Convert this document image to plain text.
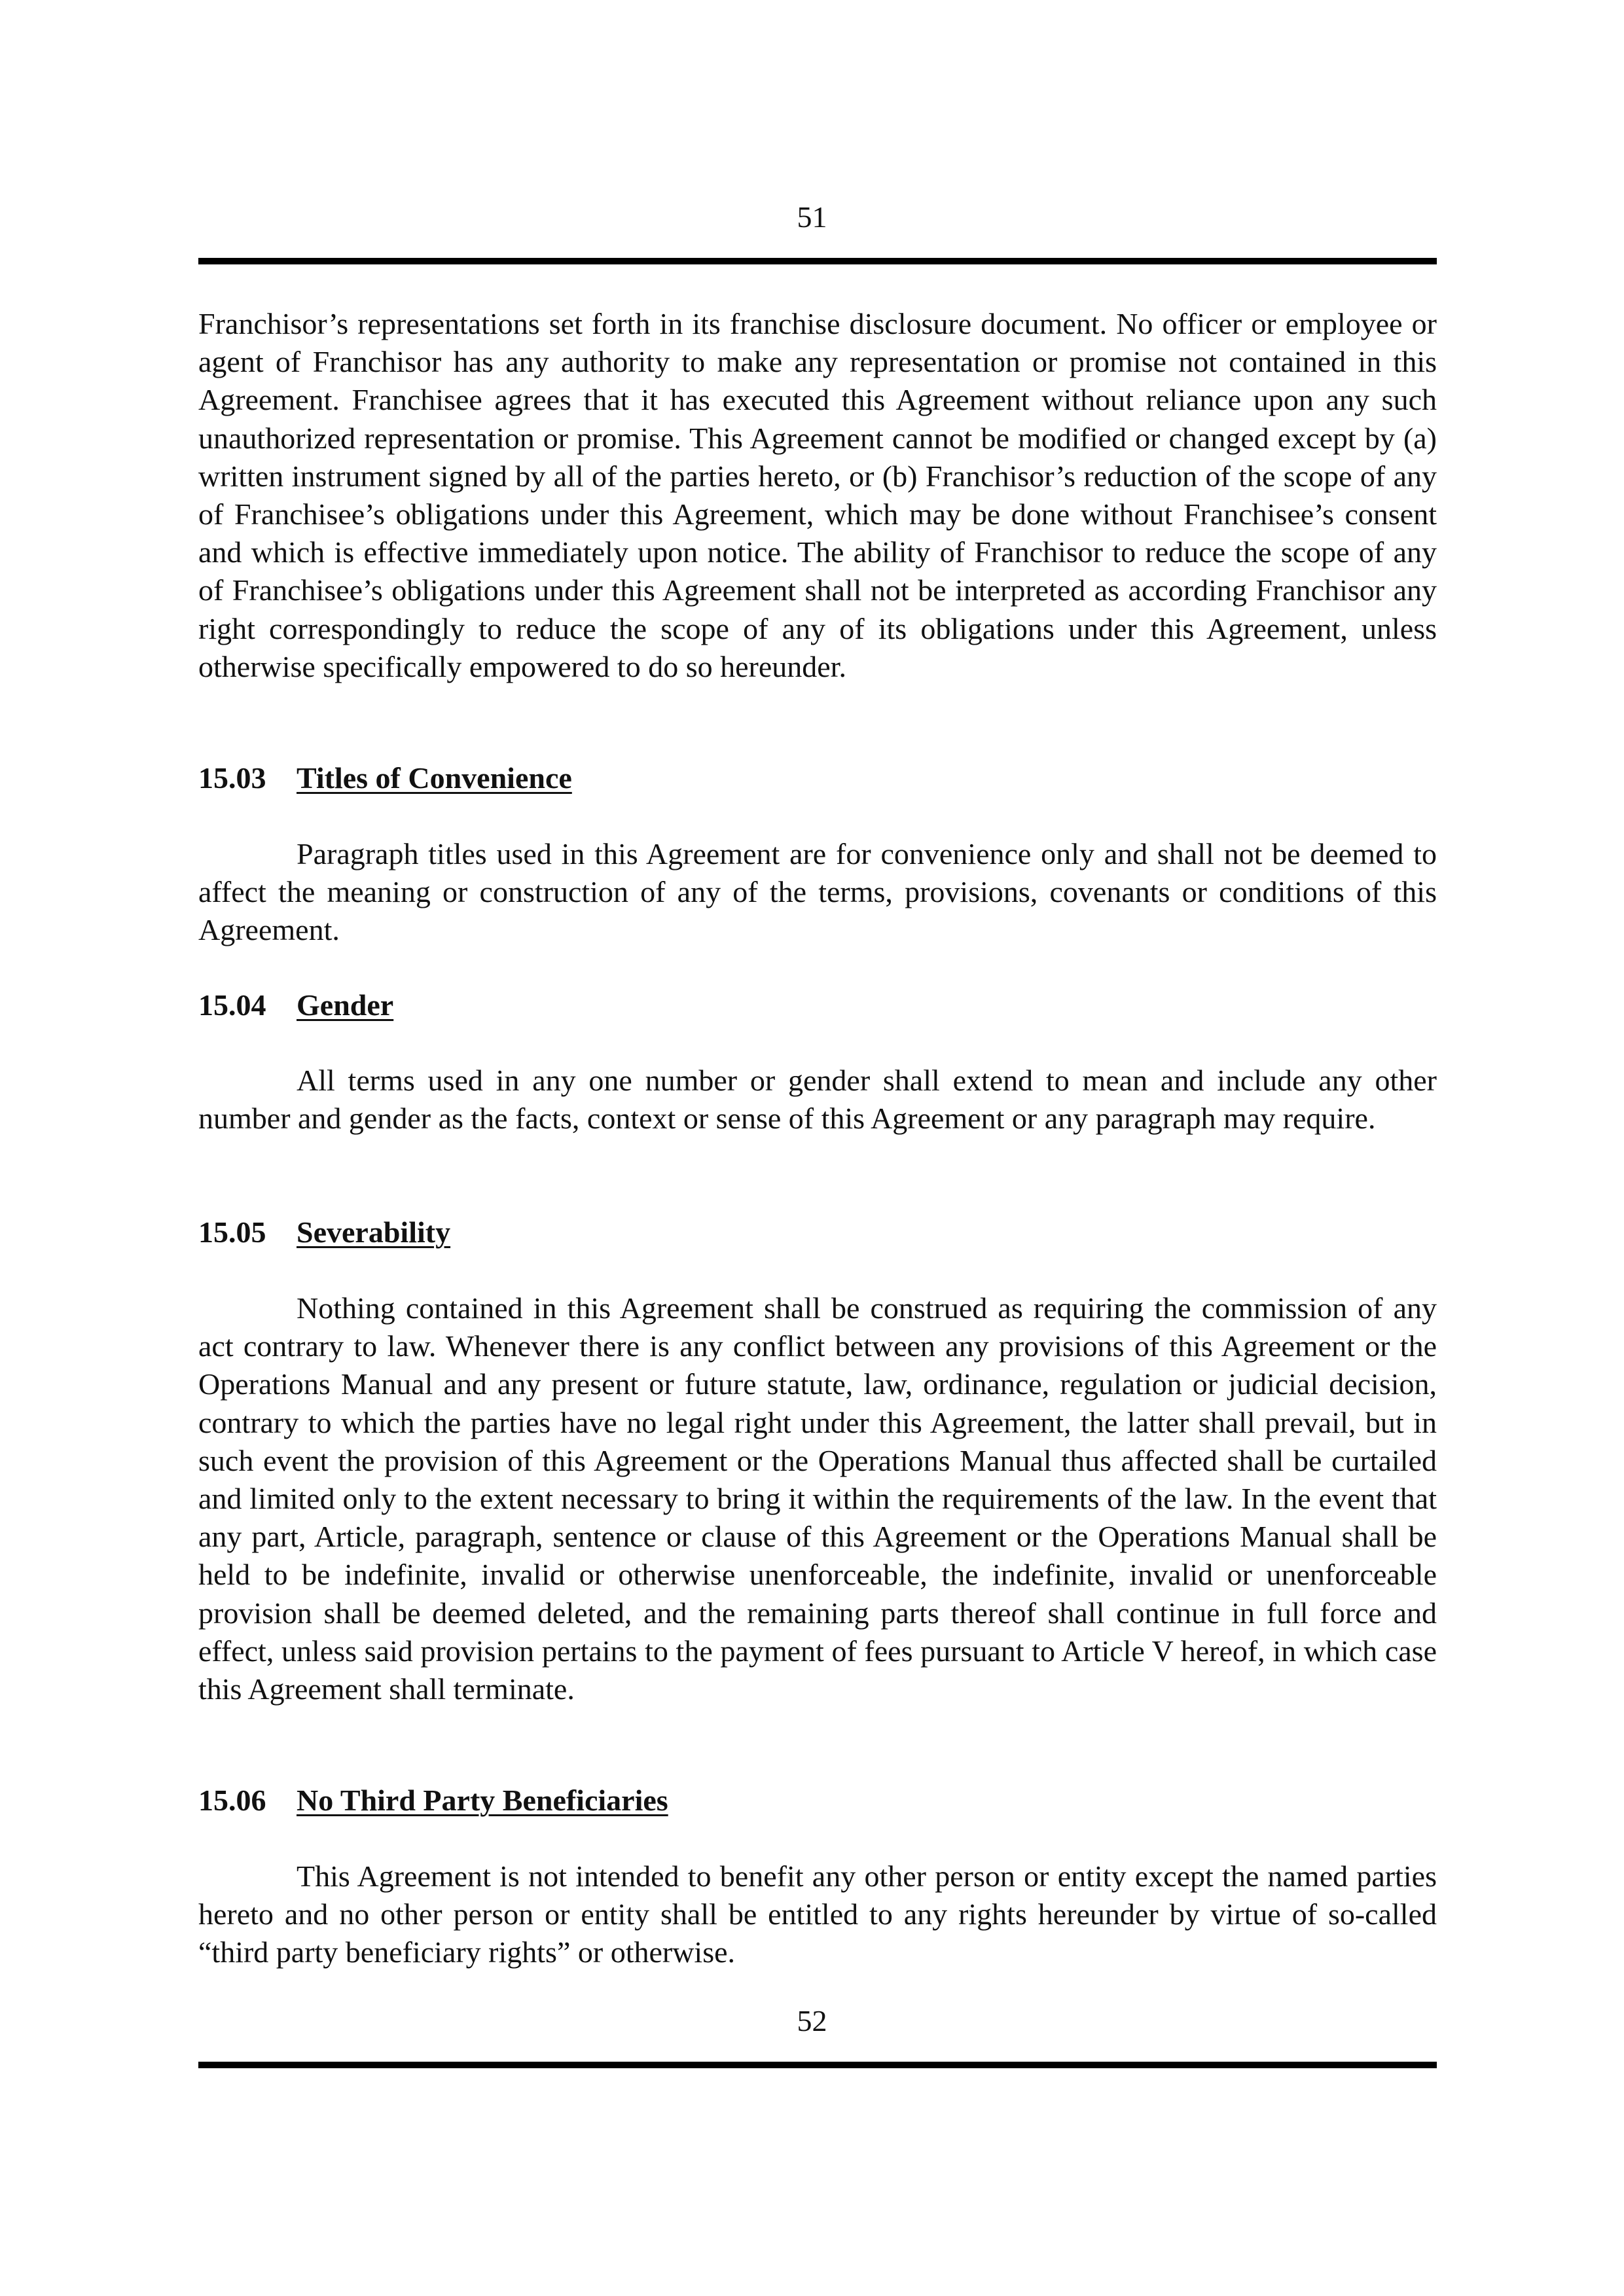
51

Franchisor’s representations set forth in its franchise disclosure document. No officer or employee or agent of Franchisor has any authority to make any representation or promise not contained in this Agreement. Franchisee agrees that it has executed this Agreement without reliance upon any such unauthorized representation or promise. This Agreement cannot be modified or changed except by (a) written instrument signed by all of the parties hereto, or (b) Franchisor’s reduction of the scope of any of Franchisee’s obligations under this Agreement, which may be done without Franchisee’s consent and which is effective immediately upon notice. The ability of Franchisor to reduce the scope of any of Franchisee’s obligations under this Agreement shall not be interpreted as according Franchisor any right correspondingly to reduce the scope of any of its obligations under this Agreement, unless otherwise specifically empowered to do so hereunder.

15.03 Titles of Convenience

Paragraph titles used in this Agreement are for convenience only and shall not be deemed to affect the meaning or construction of any of the terms, provisions, covenants or conditions of this Agreement.

15.04 Gender

All terms used in any one number or gender shall extend to mean and include any other number and gender as the facts, context or sense of this Agreement or any paragraph may require.

15.05 Severability

Nothing contained in this Agreement shall be construed as requiring the commission of any act contrary to law. Whenever there is any conflict between any provisions of this Agreement or the Operations Manual and any present or future statute, law, ordinance, regulation or judicial decision, contrary to which the parties have no legal right under this Agreement, the latter shall prevail, but in such event the provision of this Agreement or the Operations Manual thus affected shall be curtailed and limited only to the extent necessary to bring it within the requirements of the law. In the event that any part, Article, paragraph, sentence or clause of this Agreement or the Operations Manual shall be held to be indefinite, invalid or otherwise unenforceable, the indefinite, invalid or unenforceable provision shall be deemed deleted, and the remaining parts thereof shall continue in full force and effect, unless said provision pertains to the payment of fees pursuant to Article V hereof, in which case this Agreement shall terminate.

15.06 No Third Party Beneficiaries

This Agreement is not intended to benefit any other person or entity except the named parties hereto and no other person or entity shall be entitled to any rights hereunder by virtue of so-called “third party beneficiary rights” or otherwise.

52
